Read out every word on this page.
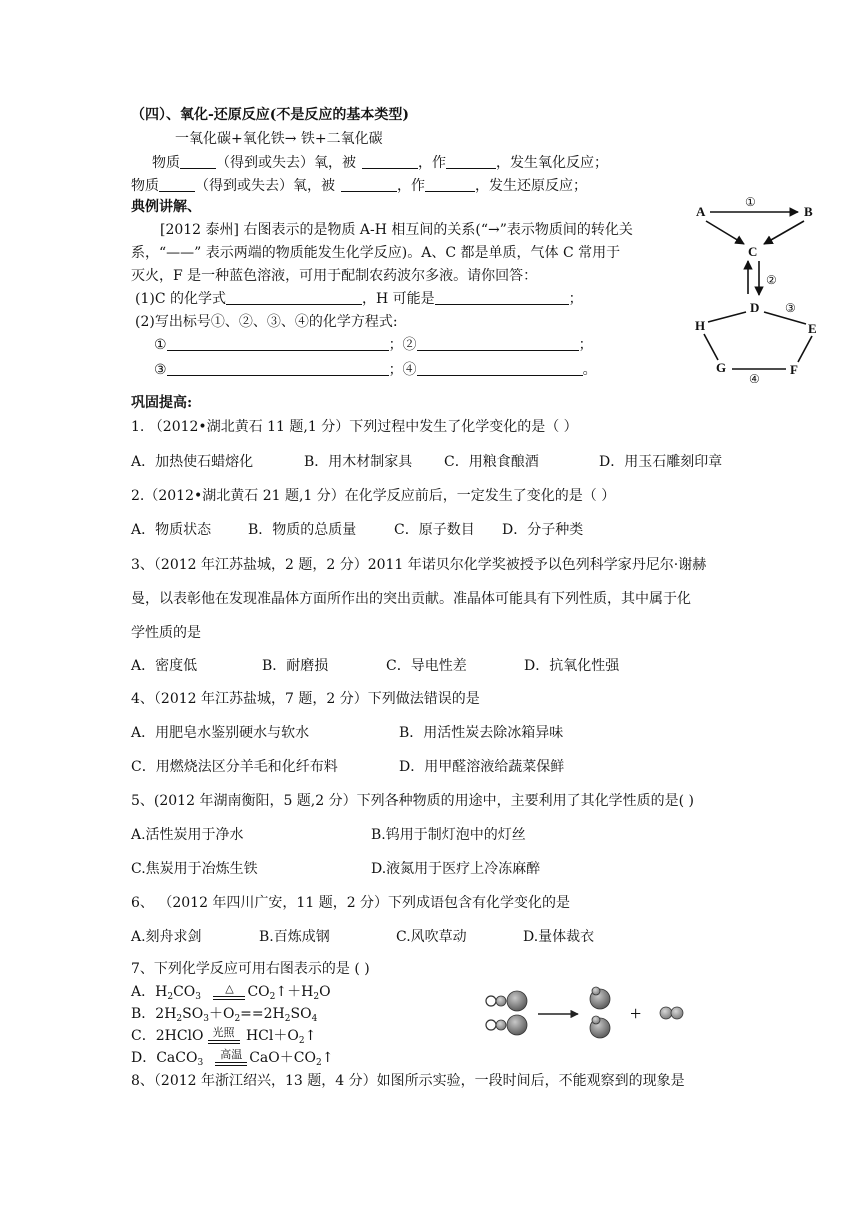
（四）、氧化-还原反应(不是反应的基本类型)
一氧化碳+氧化铁→ 铁+二氧化碳
物质	（得到或失去）氧，被	，作	，发生氧化反应；
物质	（得到或失去）氧，被	，作	，发生还原反应；
典例讲解、
[2012 泰州] 右图表示的是物质 A-H 相互间的关系(“→”表示物质间的转化关
系，“——” 表示两端的物质能发生化学反应)。A、C 都是单质，气体 C 常用于
灭火，F 是一种蓝色溶液，可用于配制农药波尔多液。请你回答：
(1)C 的化学式	，H 可能是	；
(2)写出标号①、②、③、④的化学方程式:
①	；②	；
③	；④	。
A	B
C
D
E
F
G
H
①
②
③
④
巩固提高:
1. （2012•湖北黄石 11 题,1 分）下列过程中发生了化学变化的是（ ）
A．加热使石蜡熔化	B．用木材制家具 C．用粮食酿酒	D．用玉石雕刻印章
2.（2012•湖北黄石 21 题,1 分）在化学反应前后，一定发生了变化的是（ ）
A．物质状态	B．物质的总质量	C．原子数目 D．分子种类
3、（2012 年江苏盐城，2 题，2 分）2011 年诺贝尔化学奖被授予以色列科学家丹尼尔·谢赫
曼，以表彰他在发现准晶体方面所作出的突出贡献。准晶体可能具有下列性质，其中属于化
学性质的是
A．密度低	B．耐磨损	C．导电性差	D．抗氧化性强
4、（2012 年江苏盐城，7 题，2 分）下列做法错误的是
A．用肥皂水鉴别硬水与软水	B．用活性炭去除冰箱异味
C．用燃烧法区分羊毛和化纤布料	D．用甲醛溶液给蔬菜保鲜
5、(2012 年湖南衡阳，5 题,2 分）下列各种物质的用途中，主要利用了其化学性质的是( )
A.活性炭用于净水	B.钨用于制灯泡中的灯丝
C.焦炭用于冶炼生铁	D.液氮用于医疗上冷冻麻醉
6、 （2012 年四川广安，11 题，2 分）下列成语包含有化学变化的是
A.刻舟求剑	B.百炼成钢	C.风吹草动	D.量体裁衣
7、下列化学反应可用右图表示的是 ( )
A．$H_2CO_3$
△ $CO_2↑+H_2O$
B．$2H_2SO_3+O_2==2H_2SO_4$
C．2HClO 光照 $HCl+O_2↑$
D．CaCO$_3$
高温 $CaO+CO_2↑$
+
8、（2012 年浙江绍兴，13 题，4 分）如图所示实验，一段时间后，不能观察到的现象是
